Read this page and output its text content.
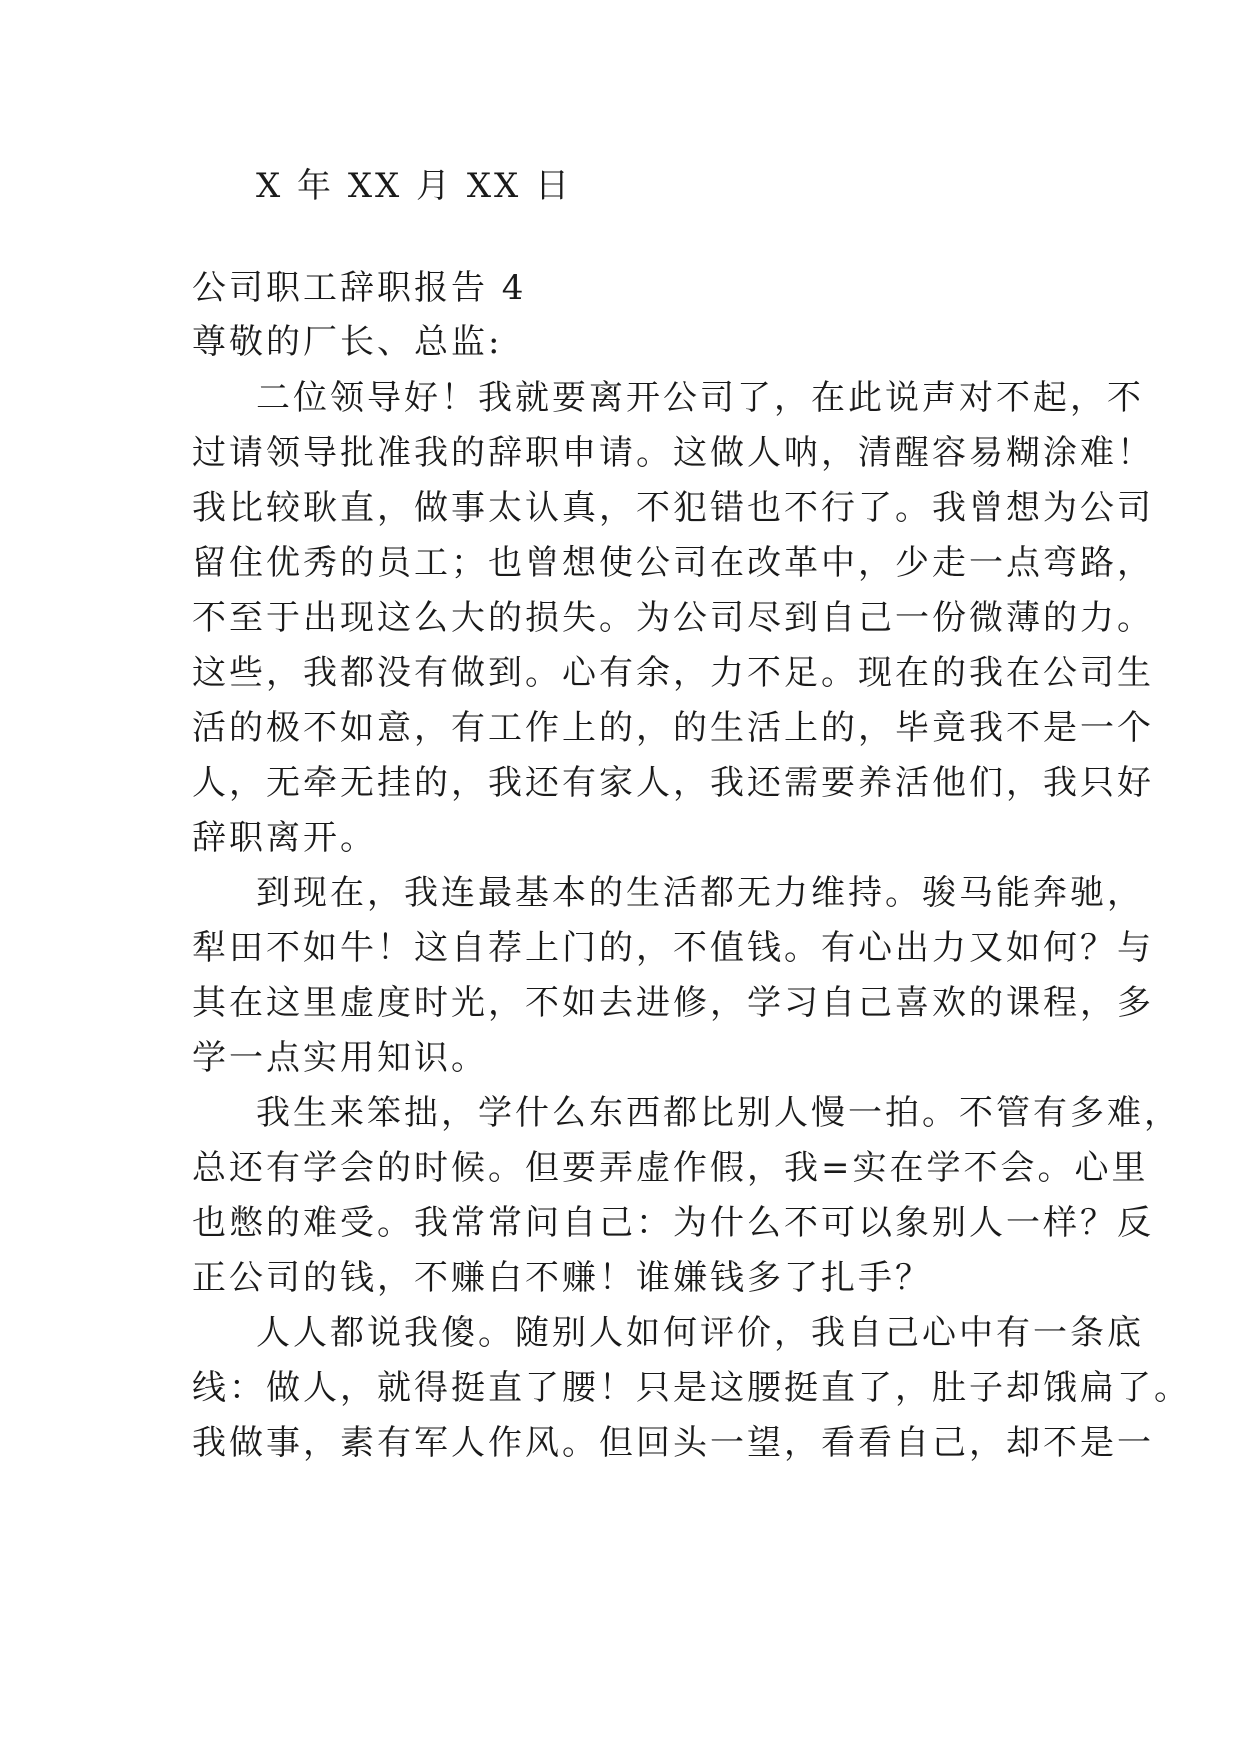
X 年 XX 月 XX 日
公司职工辞职报告 4
尊敬的厂长、总监:
二位领导好！我就要离开公司了，在此说声对不起，不
过请领导批准我的辞职申请。这做人呐，清醒容易糊涂难！
我比较耿直，做事太认真，不犯错也不行了。我曾想为公司
留住优秀的员工；也曾想使公司在改革中，少走一点弯路，
不至于出现这么大的损失。为公司尽到自己一份微薄的力。
这些，我都没有做到。心有余，力不足。现在的我在公司生
活的极不如意，有工作上的，的生活上的，毕竟我不是一个
人，无牵无挂的，我还有家人，我还需要养活他们，我只好
辞职离开。
到现在，我连最基本的生活都无力维持。骏马能奔驰，
犁田不如牛！这自荐上门的，不值钱。有心出力又如何？与
其在这里虚度时光，不如去进修，学习自己喜欢的课程，多
学一点实用知识。
我生来笨拙，学什么东西都比别人慢一拍。不管有多难，
总还有学会的时候。但要弄虚作假，我=实在学不会。心里
也憋的难受。我常常问自己：为什么不可以象别人一样？反
正公司的钱，不赚白不赚！谁嫌钱多了扎手？
人人都说我傻。随别人如何评价，我自己心中有一条底
线：做人，就得挺直了腰！只是这腰挺直了，肚子却饿扁了。
我做事，素有军人作风。但回头一望，看看自己，却不是一
